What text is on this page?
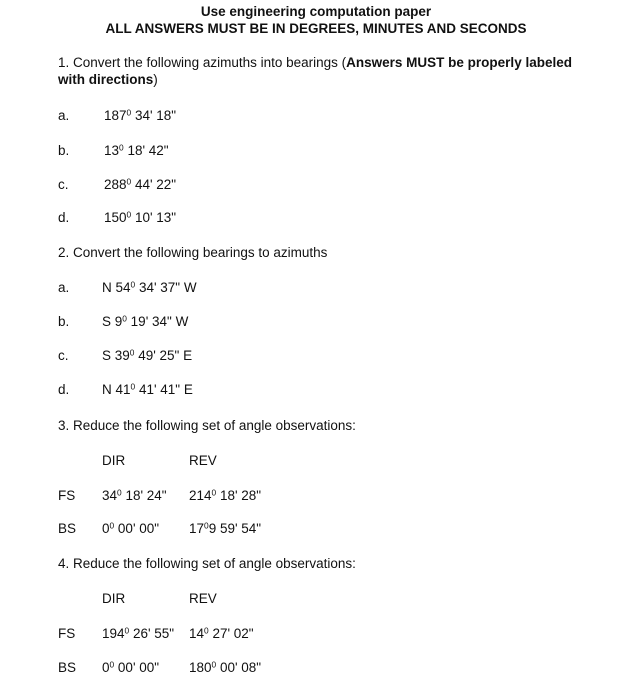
Use engineering computation paper
ALL ANSWERS MUST BE IN DEGREES, MINUTES AND SECONDS
1. Convert the following azimuths into bearings (Answers MUST be properly labeled
with directions)
a.	$187^0$ 34' 18"
b.	$13^0$ 18' 42"
c.	$288^0$ 44' 22"
d.	$150^0$ 10' 13"
2. Convert the following bearings to azimuths
a. N $54^0$ 34' 37" W
b. S $9^0$ 19' 34" W
c. S $39^0$ 49' 25" E
d. N $41^0$ 41' 41" E
3. Reduce the following set of angle observations:
DIR	REV
FS $34^0$ 18' 24" $214^0$ 18' 28"
BS $0^0$ 00' 00" $17^09$ 59' 54"
4. Reduce the following set of angle observations:
DIR	REV
FS $194^0$ 26' 55" $14^0$ 27' 02"
BS $0^0$ 00' 00" $180^0$ 00' 08"
